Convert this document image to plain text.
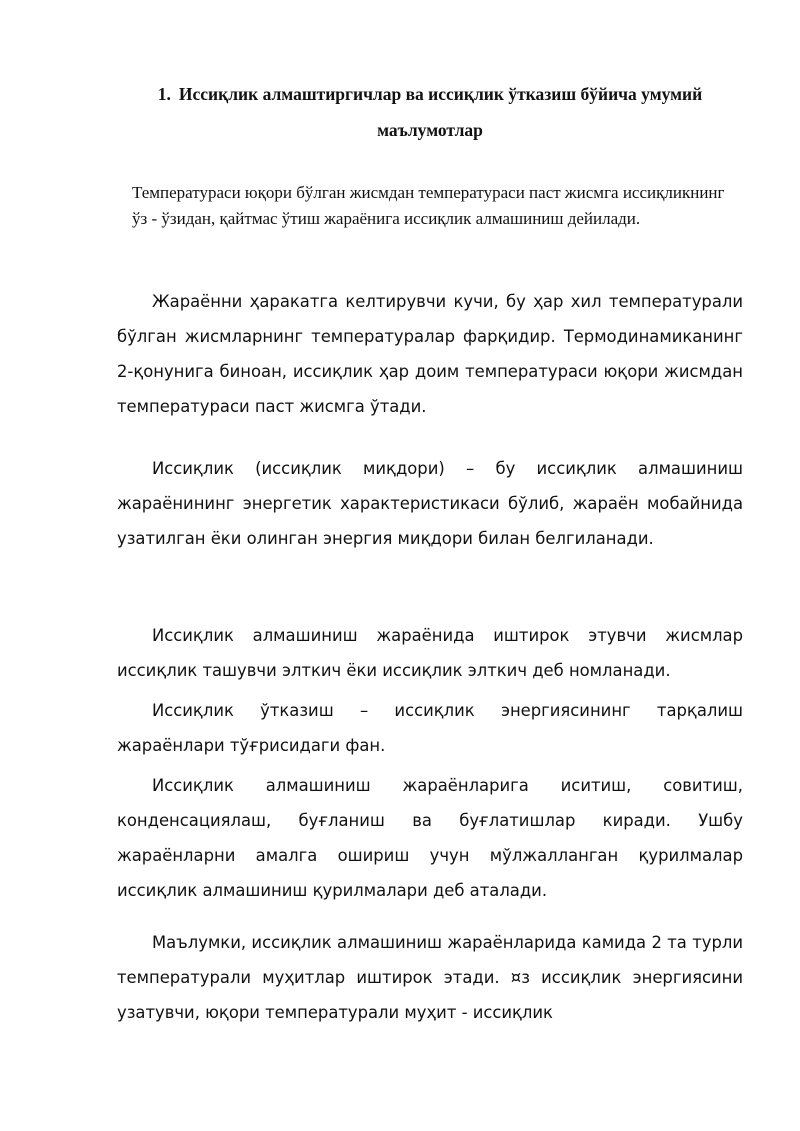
1. Иссиқлик алмаштиргичлар ва иссиқлик ўтказиш бўйича умумий маълумотлар

Температураси юқори бўлган жисмдан температураси паст жисмга иссиқликнинг ўз - ўзидан, қайтмас ўтиш жараёнига иссиқлик алмашиниш дейилади.

Жараённи ҳаракатга келтирувчи кучи, бу ҳар хил температурали бўлган жисмларнинг температуралар фарқидир. Термодинамиканинг 2-қонунига биноан, иссиқлик ҳар доим температураси юқори жисмдан температураси паст жисмга ўтади.

Иссиқлик (иссиқлик миқдори) – бу иссиқлик алмашиниш жараёнининг энергетик характеристикаси бўлиб, жараён мобайнида узатилган ёки олинган энергия миқдори билан белгиланади.

Иссиқлик алмашиниш жараёнида иштирок этувчи жисмлар иссиқлик ташувчи элткич ёки иссиқлик элткич деб номланади.

Иссиқлик ўтказиш – иссиқлик энергиясининг тарқалиш жараёнлари тўғрисидаги фан.

Иссиқлик алмашиниш жараёнларига иситиш, совитиш, конденсациялаш, буғланиш ва буғлатишлар киради. Ушбу жараёнларни амалга ошириш учун мўлжалланган қурилмалар иссиқлик алмашиниш қурилмалари деб аталади.

Маълумки, иссиқлик алмашиниш жараёнларида камида 2 та турли температурали муҳитлар иштирок этади. ¤з иссиқлик энергиясини узатувчи, юқори температурали муҳит - иссиқлик
